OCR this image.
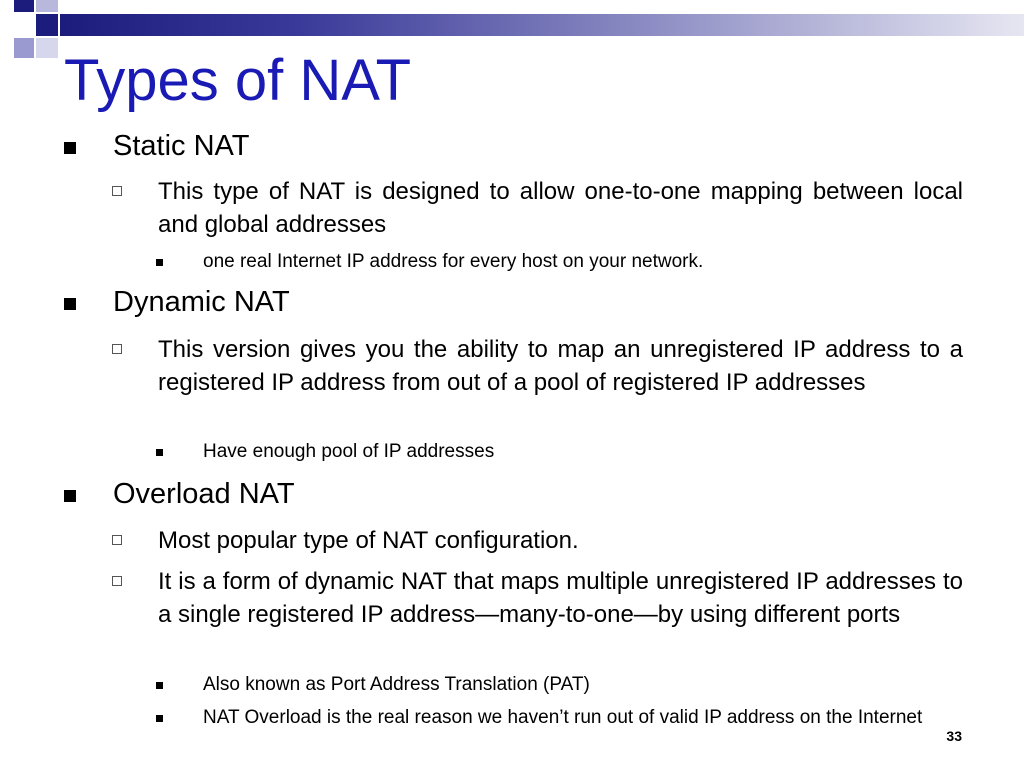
Types of NAT
Static NAT
This type of NAT is designed to allow one-to-one mapping between local and global addresses
one real Internet IP address for every host on your network.
Dynamic NAT
This version gives you the ability to map an unregistered IP address to a registered IP address from out of a pool of registered IP addresses
Have enough pool of IP addresses
Overload NAT
Most popular type of NAT configuration.
It is a form of dynamic NAT that maps multiple unregistered IP addresses to a single registered IP address—many-to-one—by using different ports
Also known as Port Address Translation (PAT)
NAT Overload is the real reason we haven’t run out of valid IP address on the Internet
33
